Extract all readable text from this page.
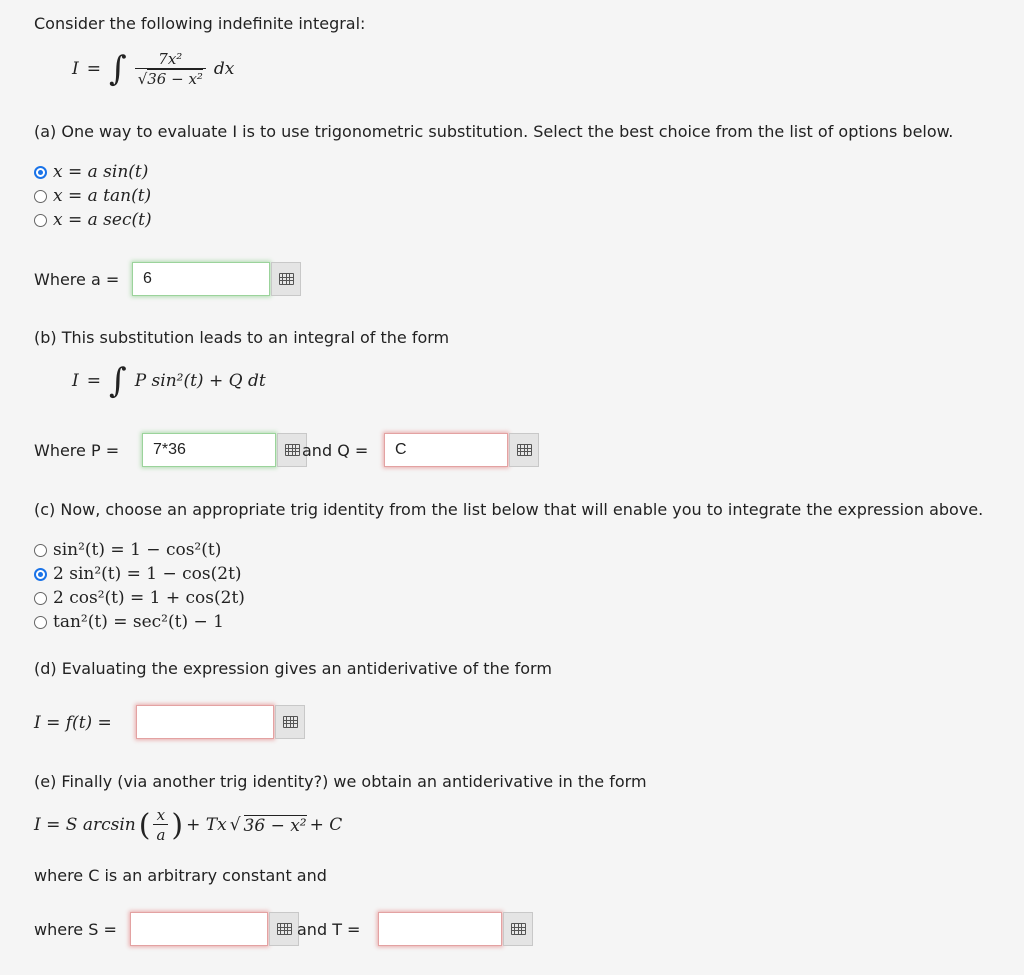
Consider the following indefinite integral:
I = ∫ $\frac{\text{7x²}}{\text{√36 − x²}}$ dx
(a) One way to evaluate I is to use trigonometric substitution. Select the best choice from the list of options below.
x = a sin(t)
x = a tan(t)
x = a sec(t)
Where a =	6
(b) This substitution leads to an integral of the form
I = ∫ P sin²(t) + Q dt
Where P =	7*36	and Q =	C
(c) Now, choose an appropriate trig identity from the list below that will enable you to integrate the expression above.
sin²(t) = 1 − cos²(t)
2 sin²(t) = 1 − cos(2t)
2 cos²(t) = 1 + cos(2t)
tan²(t) = sec²(t) − 1
(d) Evaluating the expression gives an antiderivative of the form
I = f(t) =
(e) Finally (via another trig identity?) we obtain an antiderivative in the form
I = S arcsin ( $\frac{x}{a}$ ) + Tx √ 36 − x² + C
where C is an arbitrary constant and
where S =	and T =
